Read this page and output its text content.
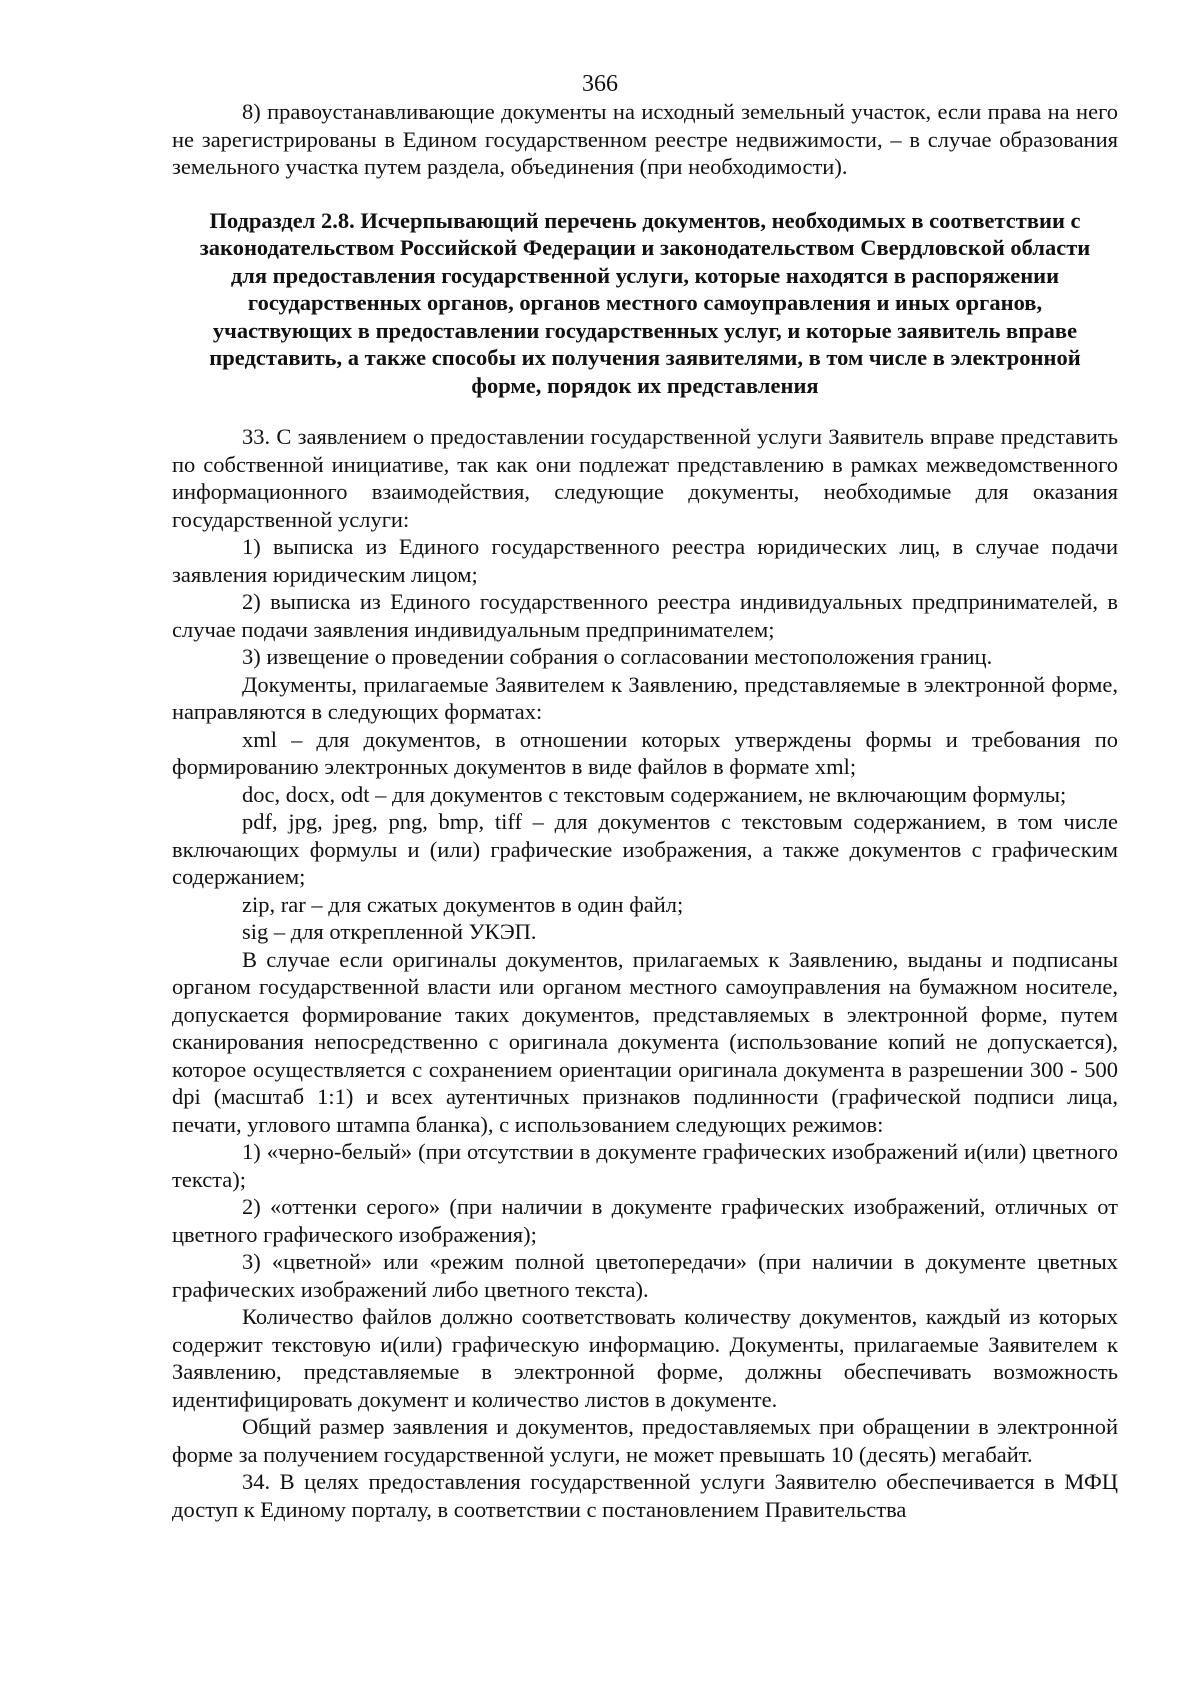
366

8) правоустанавливающие документы на исходный земельный участок, если права на него не зарегистрированы в Едином государственном реестре недвижимости, – в случае образования земельного участка путем раздела, объединения (при необходимости).

Подраздел 2.8. Исчерпывающий перечень документов, необходимых в соответствии с законодательством Российской Федерации и законодательством Свердловской области для предоставления государственной услуги, которые находятся в распоряжении государственных органов, органов местного самоуправления и иных органов, участвующих в предоставлении государственных услуг, и которые заявитель вправе представить, а также способы их получения заявителями, в том числе в электронной форме, порядок их представления

33. С заявлением о предоставлении государственной услуги Заявитель вправе представить по собственной инициативе, так как они подлежат представлению в рамках межведомственного информационного взаимодействия, следующие документы, необходимые для оказания государственной услуги:

1) выписка из Единого государственного реестра юридических лиц, в случае подачи заявления юридическим лицом;

2) выписка из Единого государственного реестра индивидуальных предпринимателей, в случае подачи заявления индивидуальным предпринимателем;

3) извещение о проведении собрания о согласовании местоположения границ.

Документы, прилагаемые Заявителем к Заявлению, представляемые в электронной форме, направляются в следующих форматах:

xml – для документов, в отношении которых утверждены формы и требования по формированию электронных документов в виде файлов в формате xml;

doc, docx, odt – для документов с текстовым содержанием, не включающим формулы;

pdf, jpg, jpeg, png, bmp, tiff – для документов с текстовым содержанием, в том числе включающих формулы и (или) графические изображения, а также документов с графическим содержанием;

zip, rar – для сжатых документов в один файл;

sig – для открепленной УКЭП.

В случае если оригиналы документов, прилагаемых к Заявлению, выданы и подписаны органом государственной власти или органом местного самоуправления на бумажном носителе, допускается формирование таких документов, представляемых в электронной форме, путем сканирования непосредственно с оригинала документа (использование копий не допускается), которое осуществляется с сохранением ориентации оригинала документа в разрешении 300 - 500 dpi (масштаб 1:1) и всех аутентичных признаков подлинности (графической подписи лица, печати, углового штампа бланка), с использованием следующих режимов:

1) «черно-белый» (при отсутствии в документе графических изображений и(или) цветного текста);

2) «оттенки серого» (при наличии в документе графических изображений, отличных от цветного графического изображения);

3) «цветной» или «режим полной цветопередачи» (при наличии в документе цветных графических изображений либо цветного текста).

Количество файлов должно соответствовать количеству документов, каждый из которых содержит текстовую и(или) графическую информацию. Документы, прилагаемые Заявителем к Заявлению, представляемые в электронной форме, должны обеспечивать возможность идентифицировать документ и количество листов в документе.

Общий размер заявления и документов, предоставляемых при обращении в электронной форме за получением государственной услуги, не может превышать 10 (десять) мегабайт.

34. В целях предоставления государственной услуги Заявителю обеспечивается в МФЦ доступ к Единому порталу, в соответствии с постановлением Правительства
